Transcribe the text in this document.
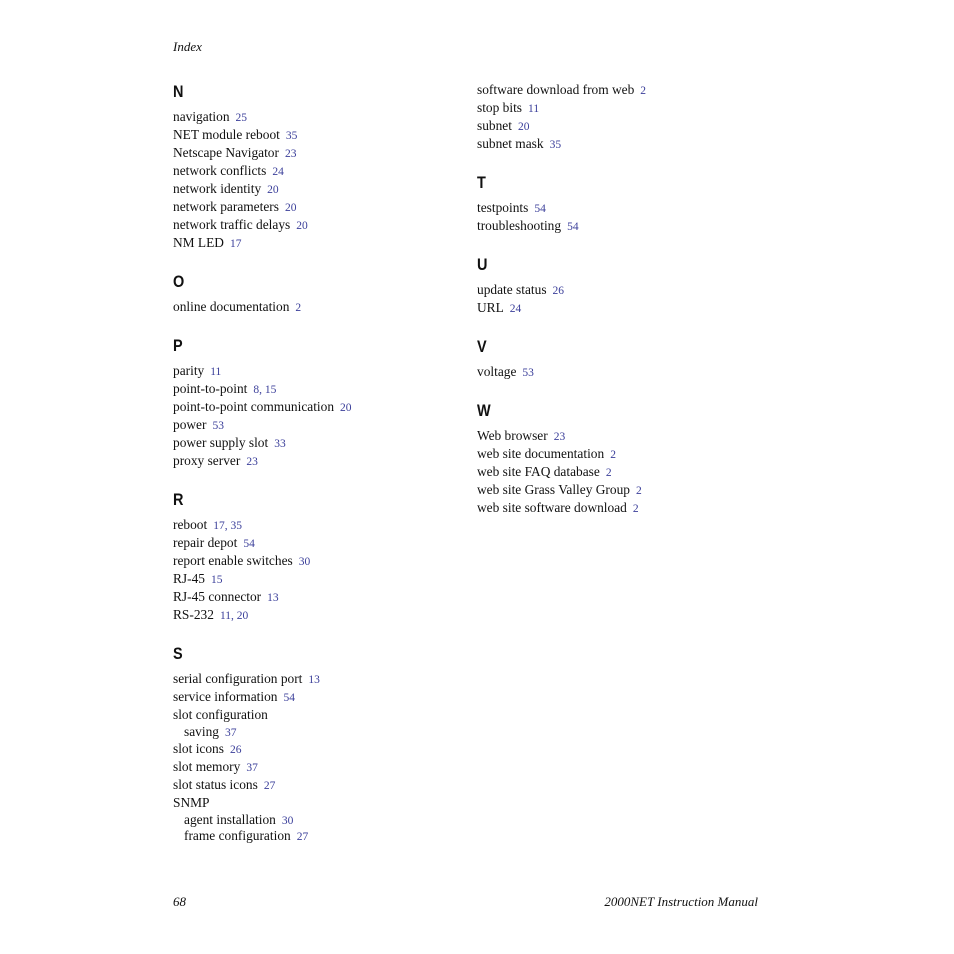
Index
N
navigation 25
NET module reboot 35
Netscape Navigator 23
network conflicts 24
network identity 20
network parameters 20
network traffic delays 20
NM LED 17
O
online documentation 2
P
parity 11
point-to-point 8, 15
point-to-point communication 20
power 53
power supply slot 33
proxy server 23
R
reboot 17, 35
repair depot 54
report enable switches 30
RJ-45 15
RJ-45 connector 13
RS-232 11, 20
S
serial configuration port 13
service information 54
slot configuration
saving 37
slot icons 26
slot memory 37
slot status icons 27
SNMP
agent installation 30
frame configuration 27
software download from web 2
stop bits 11
subnet 20
subnet mask 35
T
testpoints 54
troubleshooting 54
U
update status 26
URL 24
V
voltage 53
W
Web browser 23
web site documentation 2
web site FAQ database 2
web site Grass Valley Group 2
web site software download 2
68	2000NET Instruction Manual
